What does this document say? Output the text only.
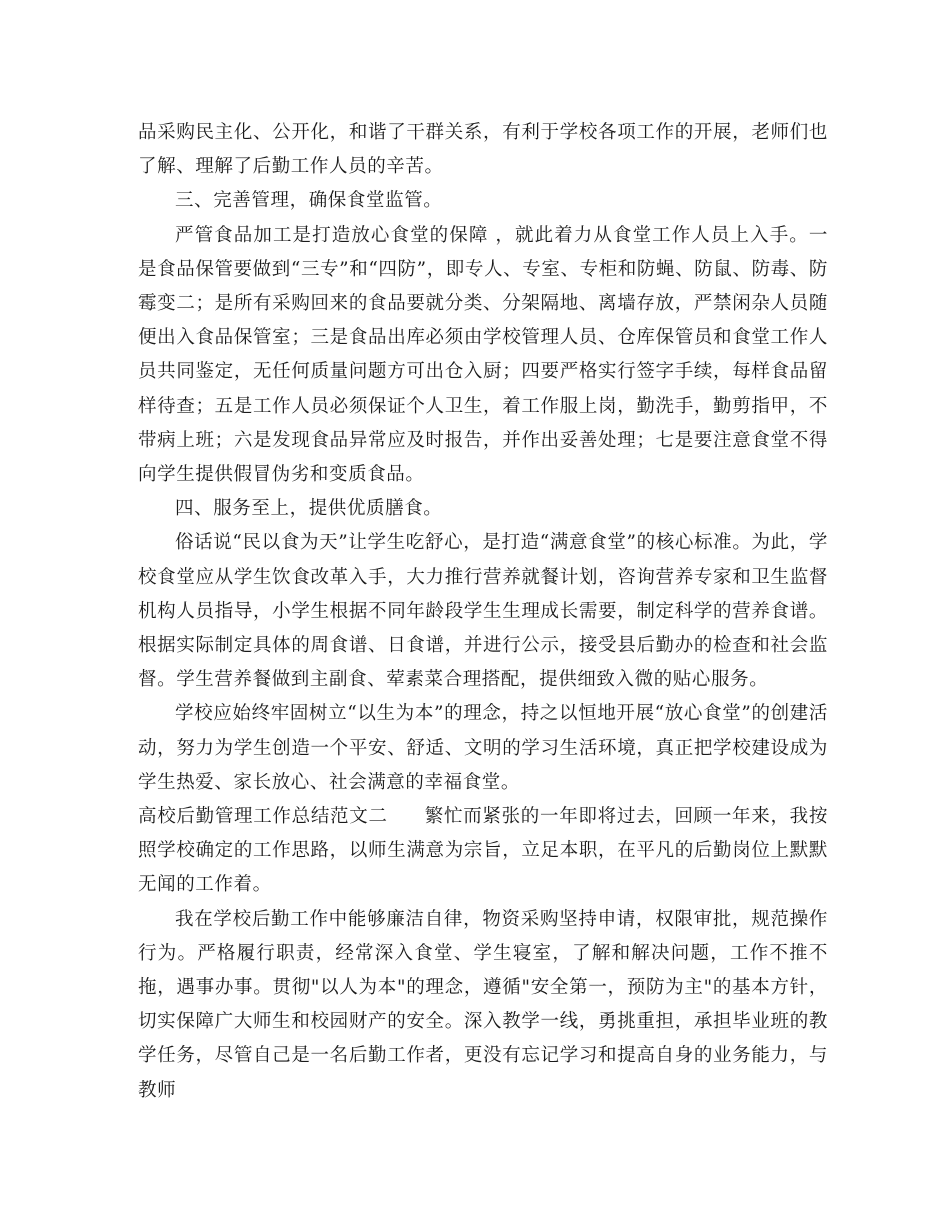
品采购民主化、公开化，和谐了干群关系，有利于学校各项工作的开展，老师们也了解、理解了后勤工作人员的辛苦。

三、完善管理，确保食堂监管。

严管食品加工是打造放心食堂的保障 ，就此着力从食堂工作人员上入手。一是食品保管要做到“三专”和“四防”，即专人、专室、专柜和防蝇、防鼠、防毒、防霉变二；是所有采购回来的食品要就分类、分架隔地、离墙存放，严禁闲杂人员随便出入食品保管室；三是食品出库必须由学校管理人员、仓库保管员和食堂工作人员共同鉴定，无任何质量问题方可出仓入厨；四要严格实行签字手续，每样食品留样待查；五是工作人员必须保证个人卫生，着工作服上岗，勤洗手，勤剪指甲，不带病上班；六是发现食品异常应及时报告，并作出妥善处理；七是要注意食堂不得向学生提供假冒伪劣和变质食品。

四、服务至上，提供优质膳食。

俗话说“民以食为天”让学生吃舒心，是打造“满意食堂”的核心标准。为此，学校食堂应从学生饮食改革入手，大力推行营养就餐计划，咨询营养专家和卫生监督机构人员指导，小学生根据不同年龄段学生生理成长需要，制定科学的营养食谱。根据实际制定具体的周食谱、日食谱，并进行公示，接受县后勤办的检查和社会监督。学生营养餐做到主副食、荤素菜合理搭配，提供细致入微的贴心服务。

学校应始终牢固树立“以生为本”的理念，持之以恒地开展“放心食堂”的创建活动，努力为学生创造一个平安、舒适、文明的学习生活环境，真正把学校建设成为学生热爱、家长放心、社会满意的幸福食堂。

高校后勤管理工作总结范文二 繁忙而紧张的一年即将过去，回顾一年来，我按照学校确定的工作思路，以师生满意为宗旨，立足本职，在平凡的后勤岗位上默默无闻的工作着。

我在学校后勤工作中能够廉洁自律，物资采购坚持申请，权限审批，规范操作行为。严格履行职责，经常深入食堂、学生寝室，了解和解决问题，工作不推不拖，遇事办事。贯彻"以人为本"的理念，遵循"安全第一，预防为主"的基本方针，切实保障广大师生和校园财产的安全。深入教学一线，勇挑重担，承担毕业班的教学任务，尽管自己是一名后勤工作者，更没有忘记学习和提高自身的业务能力，与教师
